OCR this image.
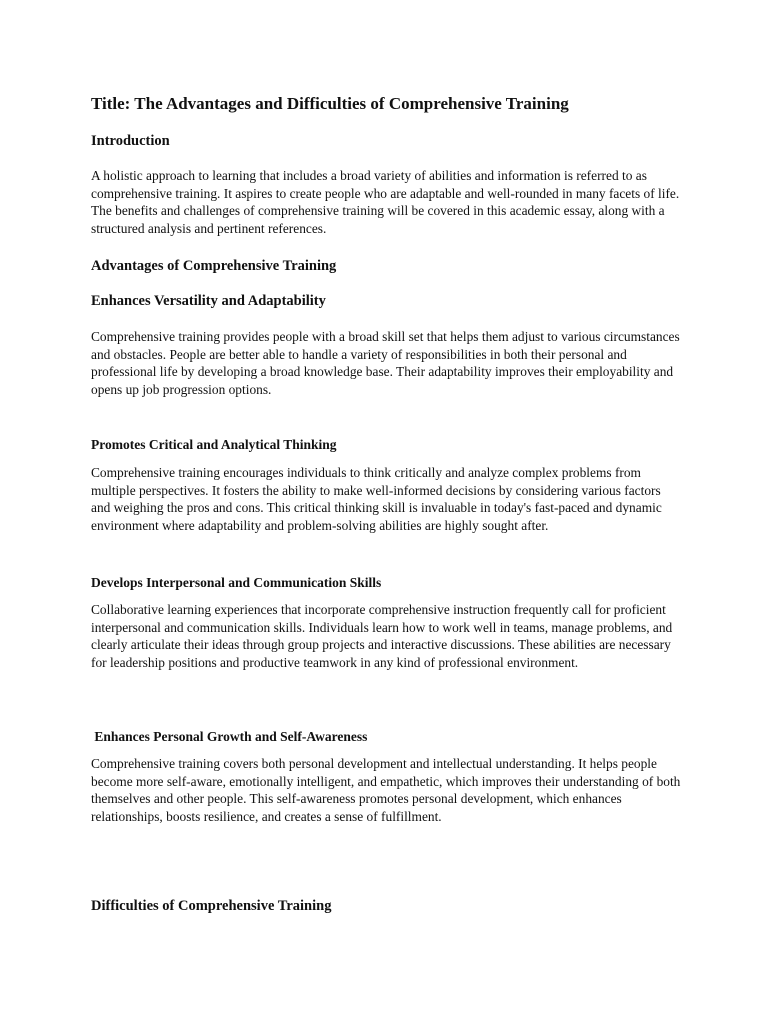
Title: The Advantages and Difficulties of Comprehensive Training
Introduction

A holistic approach to learning that includes a broad variety of abilities and information is referred to as comprehensive training. It aspires to create people who are adaptable and well-rounded in many facets of life. The benefits and challenges of comprehensive training will be covered in this academic essay, along with a structured analysis and pertinent references.

Advantages of Comprehensive Training
Enhances Versatility and Adaptability

Comprehensive training provides people with a broad skill set that helps them adjust to various circumstances and obstacles. People are better able to handle a variety of responsibilities in both their personal and professional life by developing a broad knowledge base. Their adaptability improves their employability and opens up job progression options.

Promotes Critical and Analytical Thinking

Comprehensive training encourages individuals to think critically and analyze complex problems from multiple perspectives. It fosters the ability to make well-informed decisions by considering various factors and weighing the pros and cons. This critical thinking skill is invaluable in today's fast-paced and dynamic environment where adaptability and problem-solving abilities are highly sought after.

Develops Interpersonal and Communication Skills

Collaborative learning experiences that incorporate comprehensive instruction frequently call for proficient interpersonal and communication skills. Individuals learn how to work well in teams, manage problems, and clearly articulate their ideas through group projects and interactive discussions. These abilities are necessary for leadership positions and productive teamwork in any kind of professional environment.

Enhances Personal Growth and Self-Awareness

Comprehensive training covers both personal development and intellectual understanding. It helps people become more self-aware, emotionally intelligent, and empathetic, which improves their understanding of both themselves and other people. This self-awareness promotes personal development, which enhances relationships, boosts resilience, and creates a sense of fulfillment.

Difficulties of Comprehensive Training
